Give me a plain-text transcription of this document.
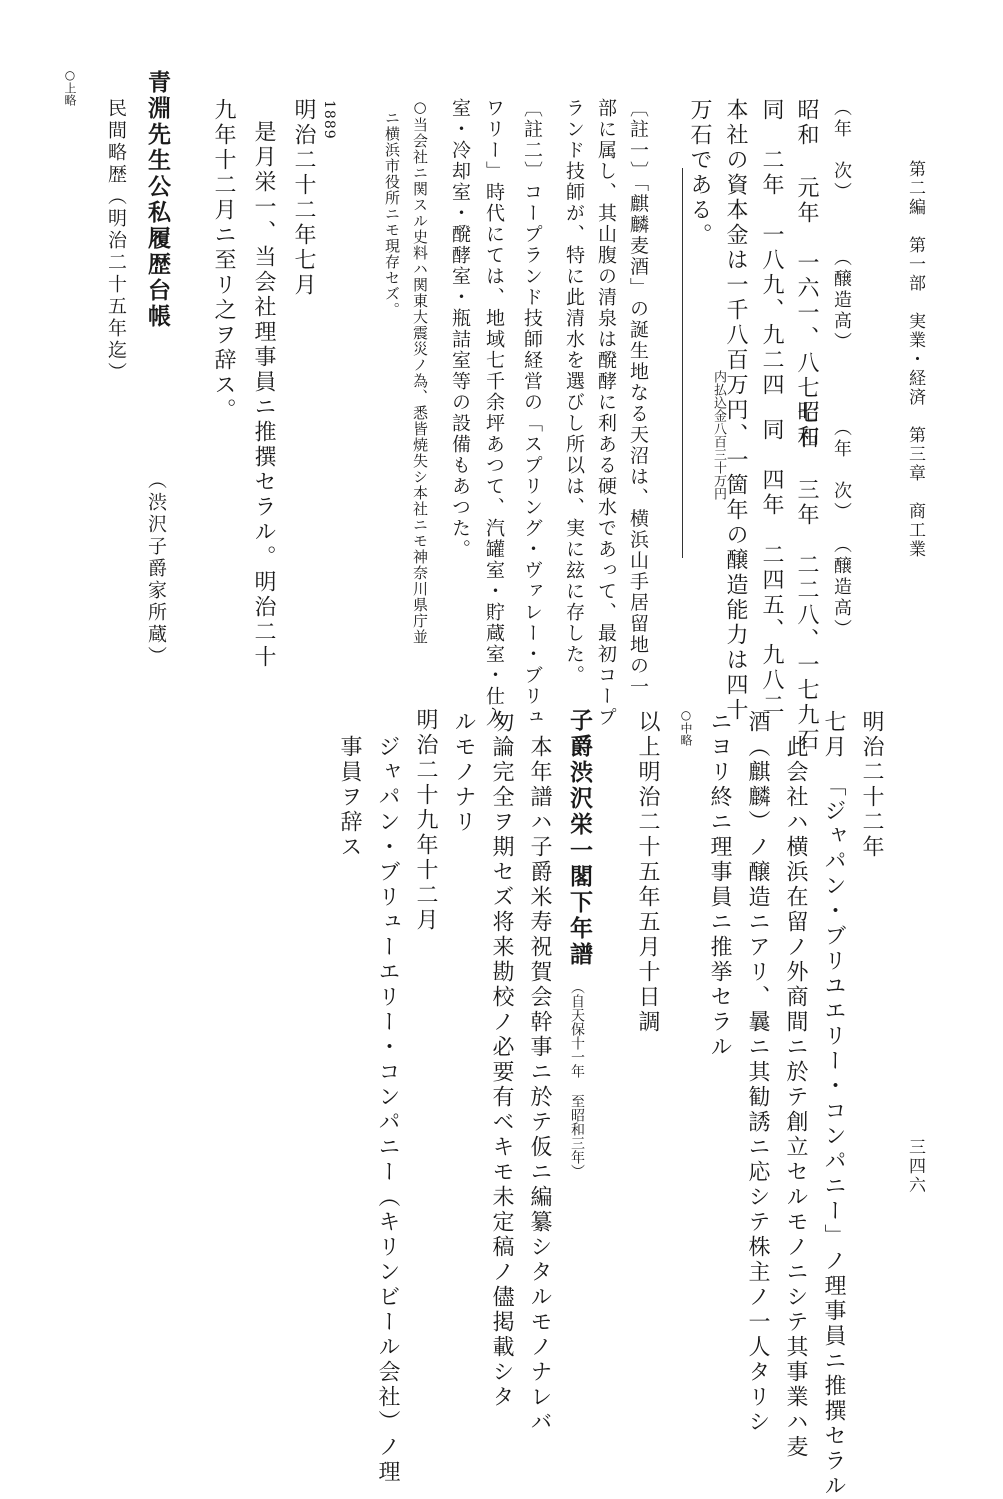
第二編　第一部　実業・経済　第三章　商工業
三四六
（年　次）
（醸造高）
昭和 元年　一六一、八七七石
同　二年　一八九、九二四
（年　次）
（醸造高）
昭和 三年　二二八、一七九石
同　四年　二四五、九八二
本社の資本金は一千八百万円、
内払込金八百三十万円
一箇年の醸造能力は四十
万石である。
〔註一〕「麒麟麦酒」の誕生地なる天沼は、横浜山手居留地の一
部に属し、其山腹の清泉は醗酵に利ある硬水であって、最初コープ
ランド技師が、特に此清水を選びし所以は、実に玆に存した。
〔註二〕コープランド技師経営の「スプリング・ヴァレー・ブリュ
ワリー」時代にては、地域七千余坪あつて、汽罐室・貯蔵室・仕入
室・冷却室・醗酵室・瓶詰室等の設備もあつた。
○当会社ニ関スル史料ハ関東大震災ノ為、悉皆焼失シ本社ニモ神奈川県庁並
ニ横浜市役所ニモ現存セズ。
1889
明治二十二年七月
是月栄一、当会社理事員ニ推撰セラル。明治二十
九年十二月ニ至リ之ヲ辞ス。
青淵先生公私履歴台帳
民間略歴（明治二十五年迄）
（渋沢子爵家所蔵）
○上略
明治二十二年
七月　「ジャパン・ブリユエリー・コンパニー」ノ理事員ニ推撰セラル
此会社ハ横浜在留ノ外商間ニ於テ創立セルモノニシテ其事業ハ麦
酒（麒麟）ノ醸造ニアリ、曩ニ其勧誘ニ応シテ株主ノ一人タリシ
ニヨリ終ニ理事員ニ推挙セラル
○中略
以上明治二十五年五月十日調
子爵渋沢栄一閣下年譜
（自天保十一年 至昭和三年）
本年譜ハ子爵米寿祝賀会幹事ニ於テ仮ニ編纂シタルモノナレバ
勿論完全ヲ期セズ将来勘校ノ必要有ベキモ未定稿ノ儘掲載シタ
ルモノナリ
明治二十九年十二月
ジャパン・ブリューエリー・コンパニー（キリンビール会社）ノ理
事員ヲ辞ス
